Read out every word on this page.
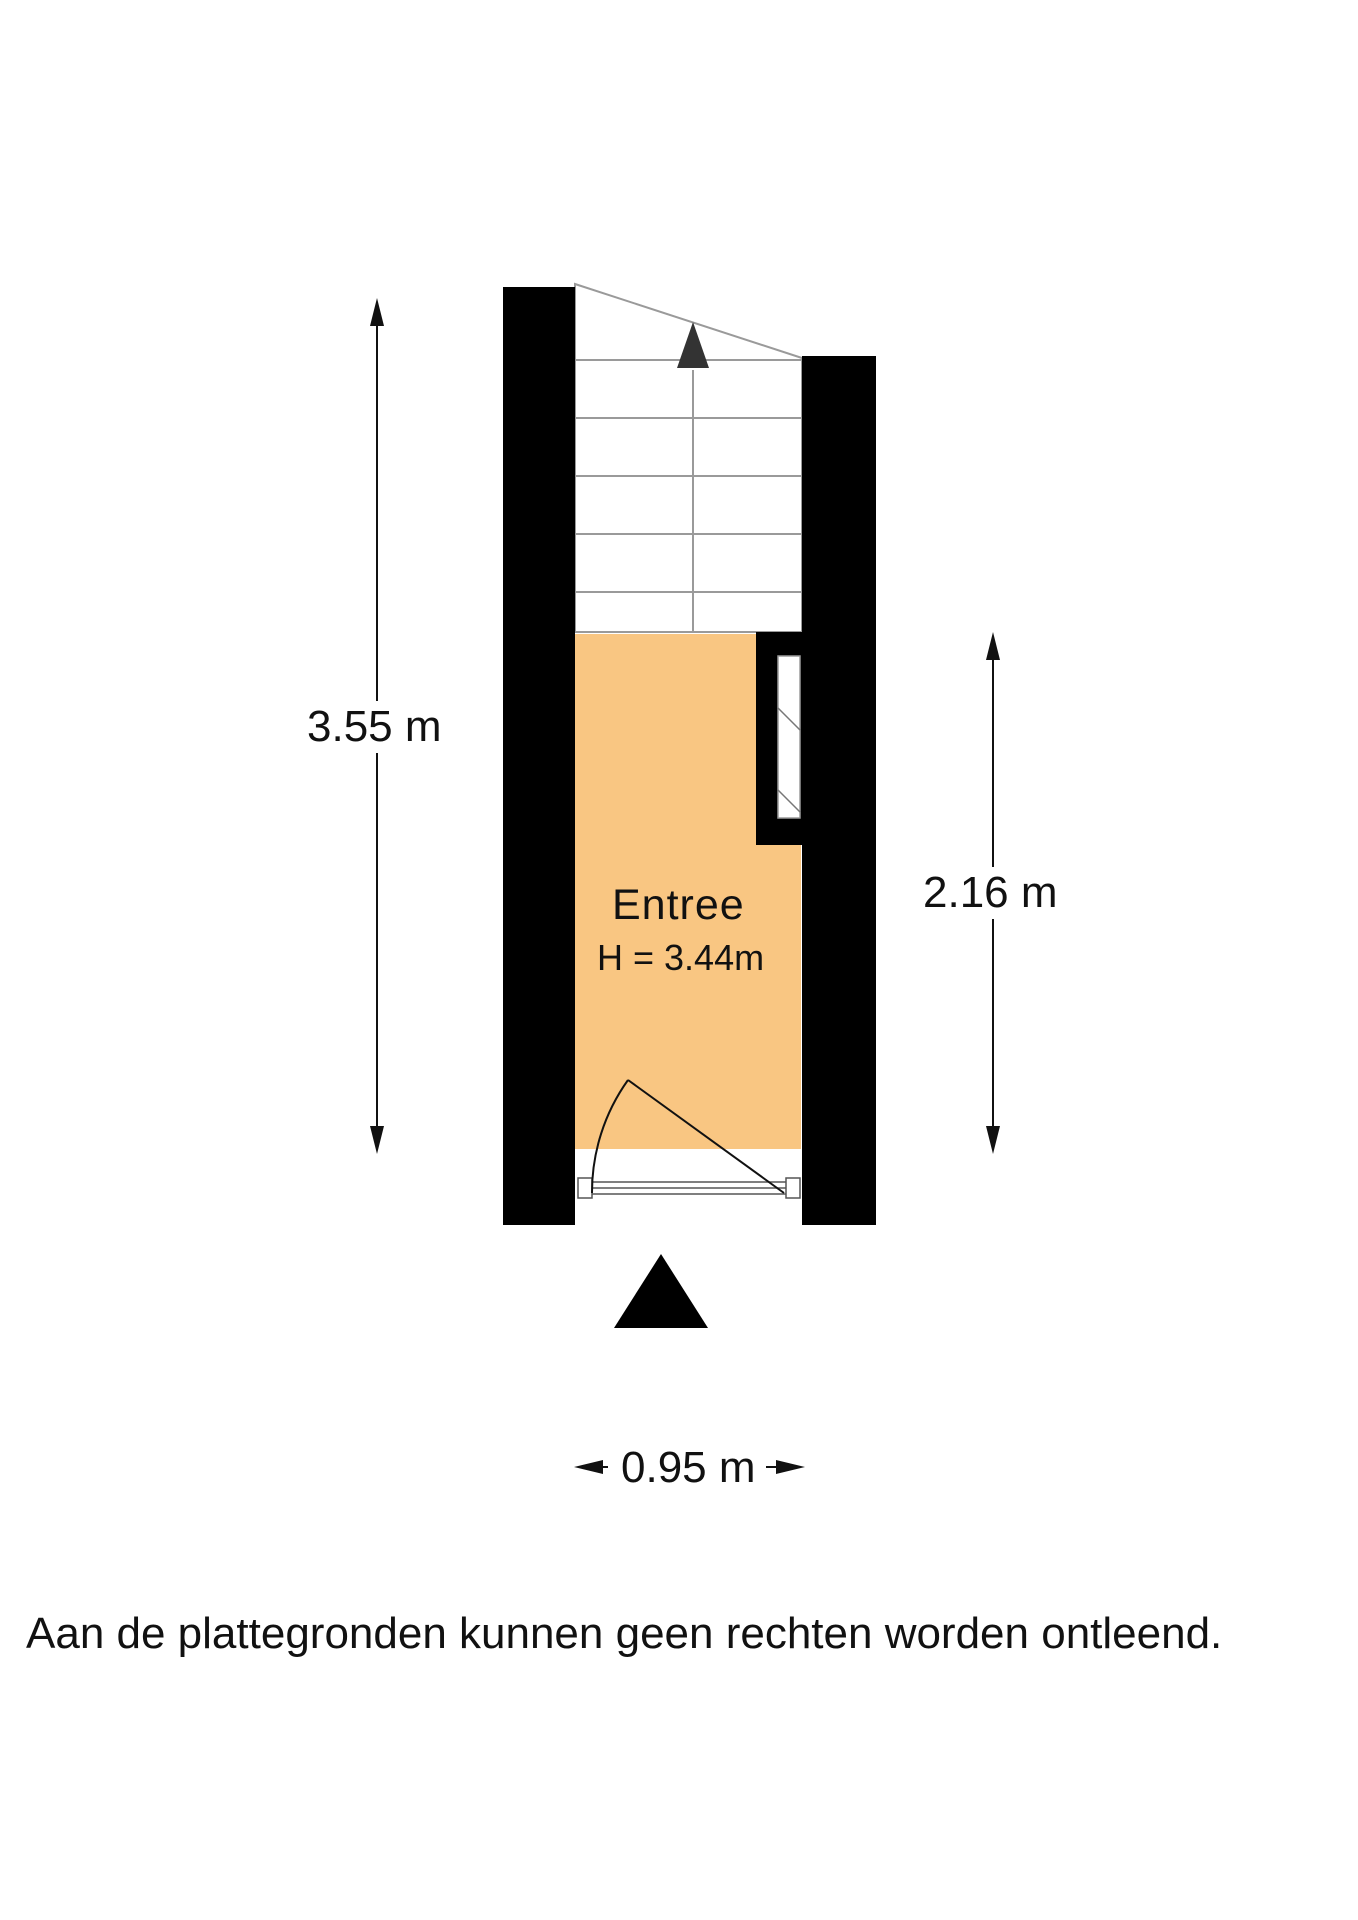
3.55 m
2.16 m
0.95 m
Entree
H = 3.44m
Aan de plattegronden kunnen geen rechten worden ontleend.
